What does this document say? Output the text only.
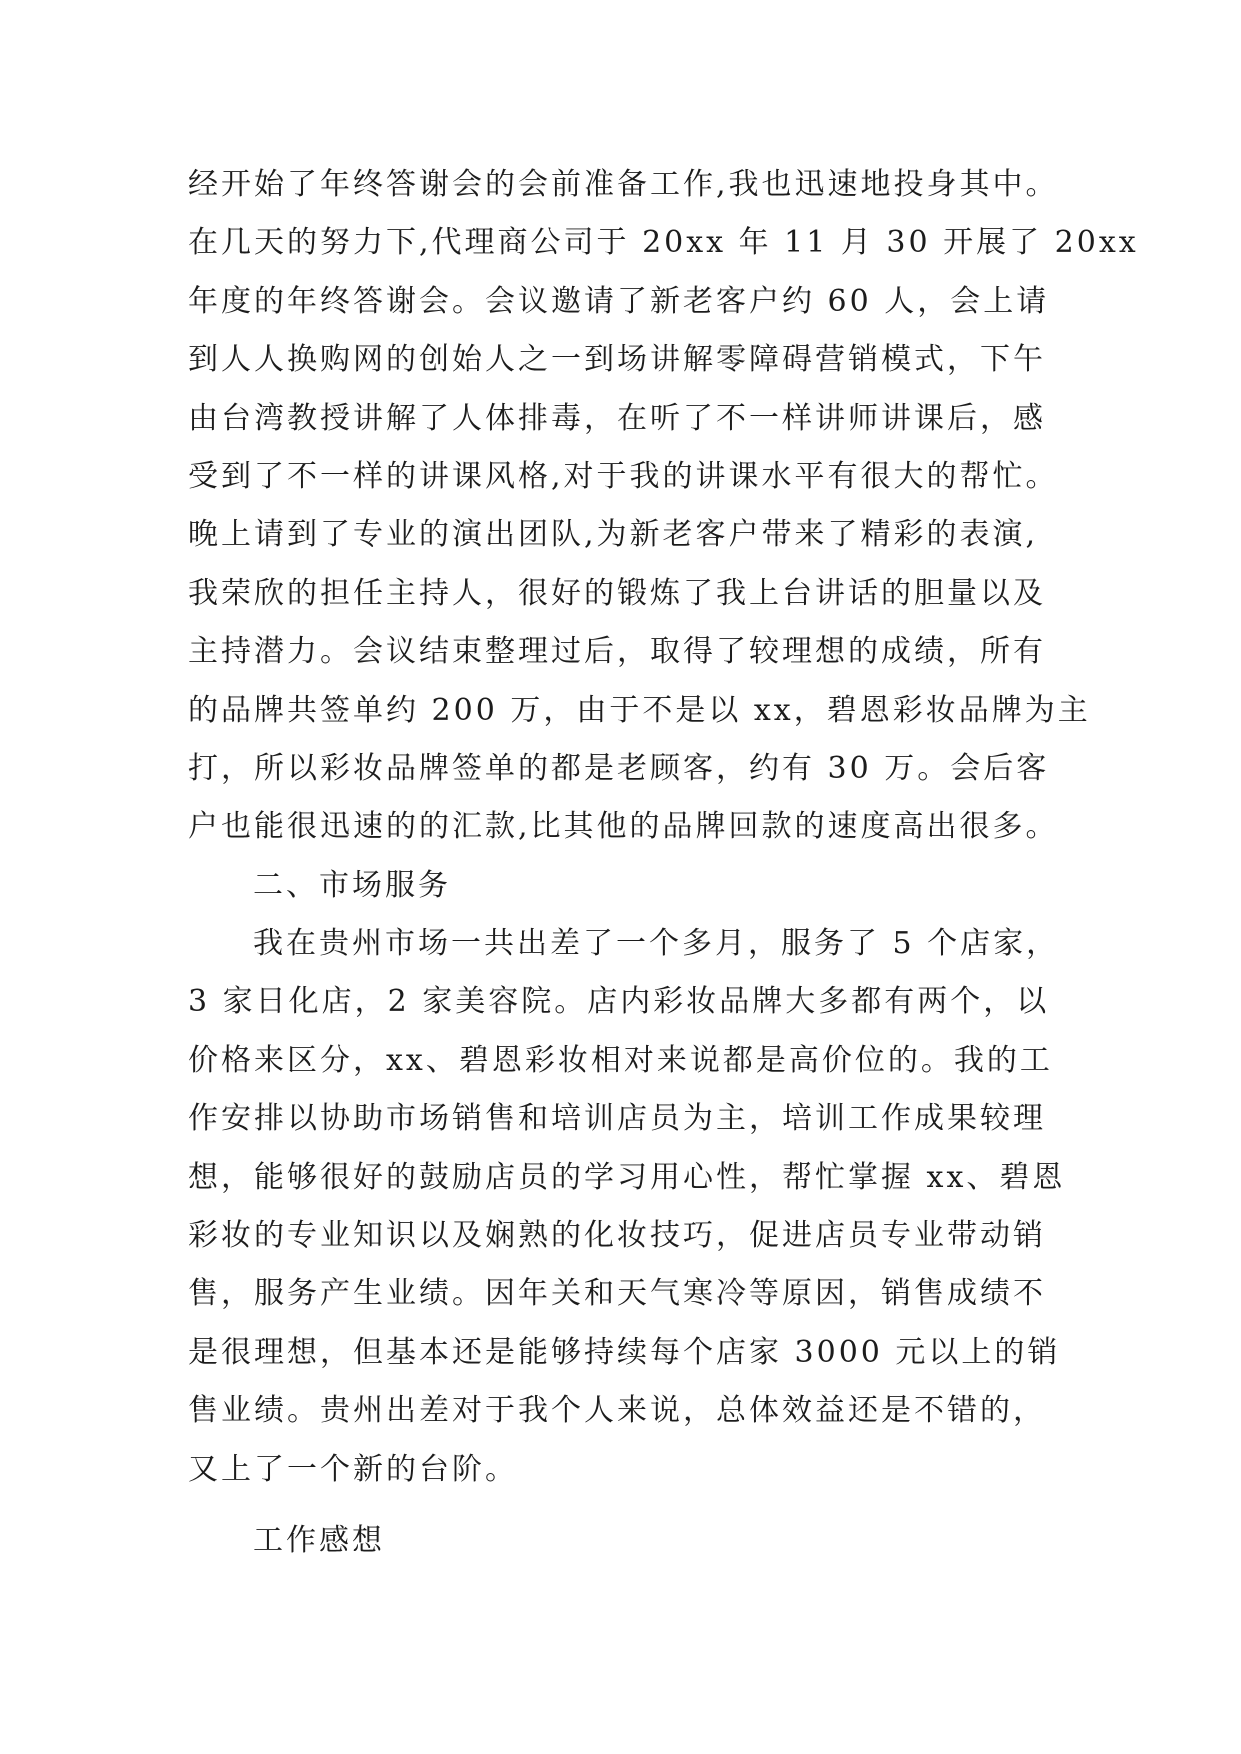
经开始了年终答谢会的会前准备工作,我也迅速地投身其中。
在几天的努力下,代理商公司于 20xx 年 11 月 30 开展了 20xx
年度的年终答谢会。会议邀请了新老客户约 60 人，会上请
到人人换购网的创始人之一到场讲解零障碍营销模式，下午
由台湾教授讲解了人体排毒，在听了不一样讲师讲课后，感
受到了不一样的讲课风格,对于我的讲课水平有很大的帮忙。
晚上请到了专业的演出团队,为新老客户带来了精彩的表演,
我荣欣的担任主持人，很好的锻炼了我上台讲话的胆量以及
主持潜力。会议结束整理过后，取得了较理想的成绩，所有
的品牌共签单约 200 万，由于不是以 xx，碧恩彩妆品牌为主
打，所以彩妆品牌签单的都是老顾客，约有 30 万。会后客
户也能很迅速的的汇款,比其他的品牌回款的速度高出很多。
二、市场服务
我在贵州市场一共出差了一个多月，服务了 5 个店家，
3 家日化店，2 家美容院。店内彩妆品牌大多都有两个，以
价格来区分，xx、碧恩彩妆相对来说都是高价位的。我的工
作安排以协助市场销售和培训店员为主，培训工作成果较理
想，能够很好的鼓励店员的学习用心性，帮忙掌握 xx、碧恩
彩妆的专业知识以及娴熟的化妆技巧，促进店员专业带动销
售，服务产生业绩。因年关和天气寒冷等原因，销售成绩不
是很理想，但基本还是能够持续每个店家 3000 元以上的销
售业绩。贵州出差对于我个人来说，总体效益还是不错的，
又上了一个新的台阶。
工作感想
